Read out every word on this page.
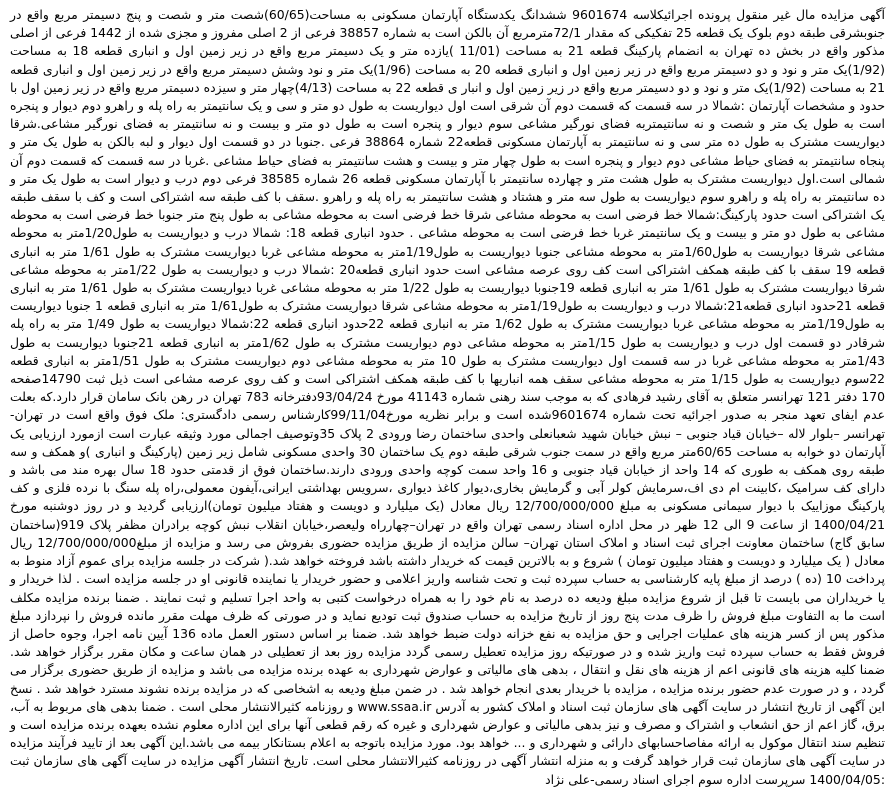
آگهی مزایده مال غیر منقول پرونده اجرائیکلاسه 9601674 ششدانگ یکدستگاه آپارتمان مسکونی به مساحت(60/65)شصت متر و شصت و پنج دسیمتر مربع واقع در جنوبشرقی طبقه دوم بلوک یک قطعه 25 تفکیکی که مقدار 72/1مترمربع آن بالکن است به شماره 38857 فرعی از 2 اصلی مفروز و مجزی شده از 1442 فرعی از اصلی مذکور واقع در بخش ده تهران به انضمام پارکینگ قطعه 21 به مساحت (11/01 )یازده متر و یک دسیمتر مربع واقع در زیر زمین اول و انباری قطعه 18 به مساحت (1/92)یک متر و نود و دو دسیمتر مربع واقع در زیر زمین اول و انباری قطعه 20 به مساحت (1/96)یک متر و نود وشش دسیمتر مربع واقع در زیر زمین اول و انباری قطعه 21 به مساحت (1/92)یک متر و نود و دو دسیمتر مربع واقع در زیر زمین اول و انبار ی قطعه 22 به مساحت (4/13)چهار متر و سیزده دسیمتر مربع واقع در زیر زمین اول با حدود و مشخصات آپارتمان :شمالا در سه قسمت که قسمت دوم آن شرقی است اول دیواریست به طول دو متر و سی و یک سانتیمتر به راه پله و راهرو دوم دیوار و پنجره است به طول یک متر و شصت و نه سانتیمتربه فضای نورگیر مشاعی سوم دیوار و پنجره است به طول دو متر و بیست و نه سانتیمتر به فضای نورگیر مشاعی.شرقا دیواریست مشترک به طول ده متر سی و نه سانتیمتر به آپارتمان مسکونی قطعه22 شماره 38864 فرعی .جنوبا در دو قسمت اول دیوار و لبه بالکن به طول یک متر و پنجاه سانتیمتر به فضای حیاط مشاعی دوم دیوار و پنجره است به طول چهار متر و بیست و هشت سانتیمتر به فضای حیاط مشاعی .غربا در سه قسمت که قسمت دوم آن شمالی است.اول دیواریست مشترک به طول هشت متر و چهارده سانتیمتر با آپارتمان مسکونی قطعه 26 شماره 38585 فرعی دوم درب و دیوار است به طول یک متر و ده سانتیمتر به راه پله و راهرو سوم دیواریست به طول سه متر و هشتاد و هشت سانتیمتر به راه پله و راهرو .سقف با کف طبقه سه اشتراکی است و کف با سقف طبقه یک اشتراکی است حدود پارکینگ:شمالا خط فرضی است به محوطه مشاعی شرقا خط فرضی است به محوطه مشاعی به طول پنج متر جنوبا خط فرضی است به محوطه مشاعی به طول دو متر و بیست و یک سانتیمتر غربا خط فرضی است به محوطه مشاعی . حدود انباری قطعه 18: شمالا درب و دیواریست به طول1/20متر به محوطه مشاعی شرقا دیواریست به طول1/60متر به محوطه مشاعی جنوبا دیواریست به طول1/19متر به محوطه مشاعی غربا دیواریست مشترک به طول 1/61 متر به انباری قطعه 19 سقف با کف طبقه همکف اشتراکی است کف روی عرصه مشاعی است حدود انباری قطعه20 :شمالا درب و دیواریست به طول 1/22متر به محوطه مشاعی شرقا دیواریست مشترک به طول 1/61 متر به انباری قطعه 19جنوبا دیواریست به طول 1/22 متر به محوطه مشاعی غربا دیواریست مشترک به طول 1/61 متر به انباری قطعه 21حدود انباری قطعه21:شمالا درب و دیواریست به طول1/19متر به محوطه مشاعی شرقا دیواریست مشترک به طول1/61 متر به انباری قطعه 1 جنوبا دیواریست به طول1/19متر به محوطه مشاعی غربا دیواریست مشترک به طول 1/62 متر به انباری قطعه 22حدود انباری قطعه 22:شمالا دیواریست به طول 1/49 متر به راه پله شرقادر دو قسمت اول درب و دیواریست به طول 1/15متر به محوطه مشاعی دوم دیواریست مشترک به طول 1/62متر به انباری قطعه 21جنوبا دیواریست به طول 1/43متر به محوطه مشاعی غربا در سه قسمت اول دیواریست مشترک به طول 10 متر به محوطه مشاعی دوم دیواریست مشترک به طول 1/51متر به انباری قطعه 22سوم دیواریست به طول 1/15 متر به محوطه مشاعی سقف همه انباریها با کف طبقه همکف اشتراکی است و کف روی عرصه مشاعی است ذیل ثبت 14790صفحه 170 دفتر 121 تهرانسر متعلق به آقای رشید فرهادی که به موجب سند رهنی شماره 41143 مورخ 93/04/24دفترخانه 783 تهران در رهن بانک سامان قرار دارد.که بعلت عدم ایفای تعهد منجر به صدور اجرائیه تحت شماره 9601674شده است و برابر نظریه مورخ99/11/04کارشناس رسمی دادگستری: ملک فوق واقع است در تهران- تهرانسر –بلوار لاله –خیابان قیاد جنوبی – نبش خیابان شهید شعبانعلی واحدی ساختمان رضا ورودی 2 پلاک 35وتوصیف اجمالی مورد وثیقه عبارت است ازمورد ارزیابی یک آپارتمان دو خوابه به مساحت 60/65متر مربع واقع در سمت جنوب شرقی طبقه دوم یک ساختمان 30 واحدی مسکونی شامل زیر زمین (پارکینگ و انباری )و همکف و سه طبقه روی همکف به طوری که 14 واحد از خیابان قیاد جنوبی و 16 واحد سمت کوچه واحدی ورودی دارند.ساختمان فوق از قدمتی حدود 18 سال بهره مند می باشد و دارای کف سرامیک ،کابینت ام دی اف،سرمایش کولر آبی و گرمایش بخاری،دیوار کاغذ دیواری ،سرویس بهداشتی ایرانی،آیفون معمولی،راه پله سنگ با نرده فلزی و کف پارکینگ موزاییک با دیوار سیمانی مسکونی به مبلغ 12/700/000/000 ریال معادل (یک میلیارد و دویست و هفتاد میلیون تومان)ارزیابی گردید و در روز دوشنبه مورخ 1400/04/21 از ساعت 9 الی 12 ظهر در محل اداره اسناد رسمی تهران واقع در تهران–چهارراه ولیعصر،خیابان انقلاب نبش کوچه برادران مظفر پلاک 919(ساختمان سابق گاج) ساختمان معاونت اجرای ثبت اسناد و املاک استان تهران– سالن مزایده از طریق مزایده حضوری بفروش می رسد و مزایده از مبلغ12/700/000/000 ریال معادل ( یک میلیارد و دویست و هفتاد میلیون تومان ) شروع و به بالاترین قیمت که خریدار داشته باشد فروخته خواهد شد.( شرکت در جلسه مزایده برای عموم آزاد منوط به پرداخت 10 (ده ) درصد از مبلغ پایه کارشناسی به حساب سپرده ثبت و تحت شناسه واریز اعلامی و حضور خریدار یا نماینده قانونی او در جلسه مزایده است . لذا خریدار و یا خریداران می بایست تا قبل از شروع مزایده مبلغ ودیعه ده درصد به نام خود را به همراه درخواست کتبی به واحد اجرا تسلیم و ثبت نمایند . ضمنا برنده مزایده مکلف است ما به التفاوت مبلغ فروش را ظرف مدت پنج روز از تاریخ مزایده به حساب صندوق ثبت تودیع نماید و در صورتی که ظرف مهلت مقرر مانده فروش را نپردازد مبلغ مذکور پس از کسر هزینه های عملیات اجرایی و حق مزایده به نفع خزانه دولت ضبط خواهد شد. ضمنا بر اساس دستور العمل ماده 136 آیین نامه اجرا، وجوه حاصل از فروش فقط به حساب سپرده ثبت واریز شده و در صورتیکه روز مزایده تعطیل رسمی گردد مزایده روز بعد از تعطیلی در همان ساعت و مکان مقرر برگزار خواهد شد. ضمنا کلیه هزینه های قانونی اعم از هزینه های نقل و انتقال ، بدهی های مالیاتی و عوارض شهرداری به عهده برنده مزایده می باشد و مزایده از طریق حضوری برگزار می گردد ، و در صورت عدم حضور برنده مزایده ، مزایده با خریدار بعدی انجام خواهد شد . در ضمن مبلغ ودیعه به اشخاصی که در مزایده برنده نشوند مسترد خواهد شد . نسخ این آگهی از تاریخ انتشار در سایت آگهی های سازمان ثبت اسناد و املاک کشور به آدرس www.ssaa.ir و روزنامه کثیرالانتشار محلی است . ضمنا بدهی های مربوط به آب، برق، گاز اعم از حق انشعاب و اشتراک و مصرف و نیز بدهی مالیاتی و عوارض شهرداری و غیره که رقم قطعی آنها برای این اداره معلوم نشده بعهده برنده مزایده است و تنظیم سند انتقال موکول به ارائه مفاصاحسابهای دارائی و شهرداری و ... خواهد بود. مورد مزایده باتوجه به اعلام بستانکار بیمه می باشد.این آگهی بعد از تایید فرآیند مزایده در سایت آگهی های سازمان ثبت قرار خواهد گرفت و به منزله انتشار آگهی در روزنامه کثیرالانتشار محلی است. تاریخ انتشار آگهی مزایده در سایت آگهی های سازمان ثبت :1400/04/05 سرپرست اداره سوم اجرای اسناد رسمی-علی نژاد
